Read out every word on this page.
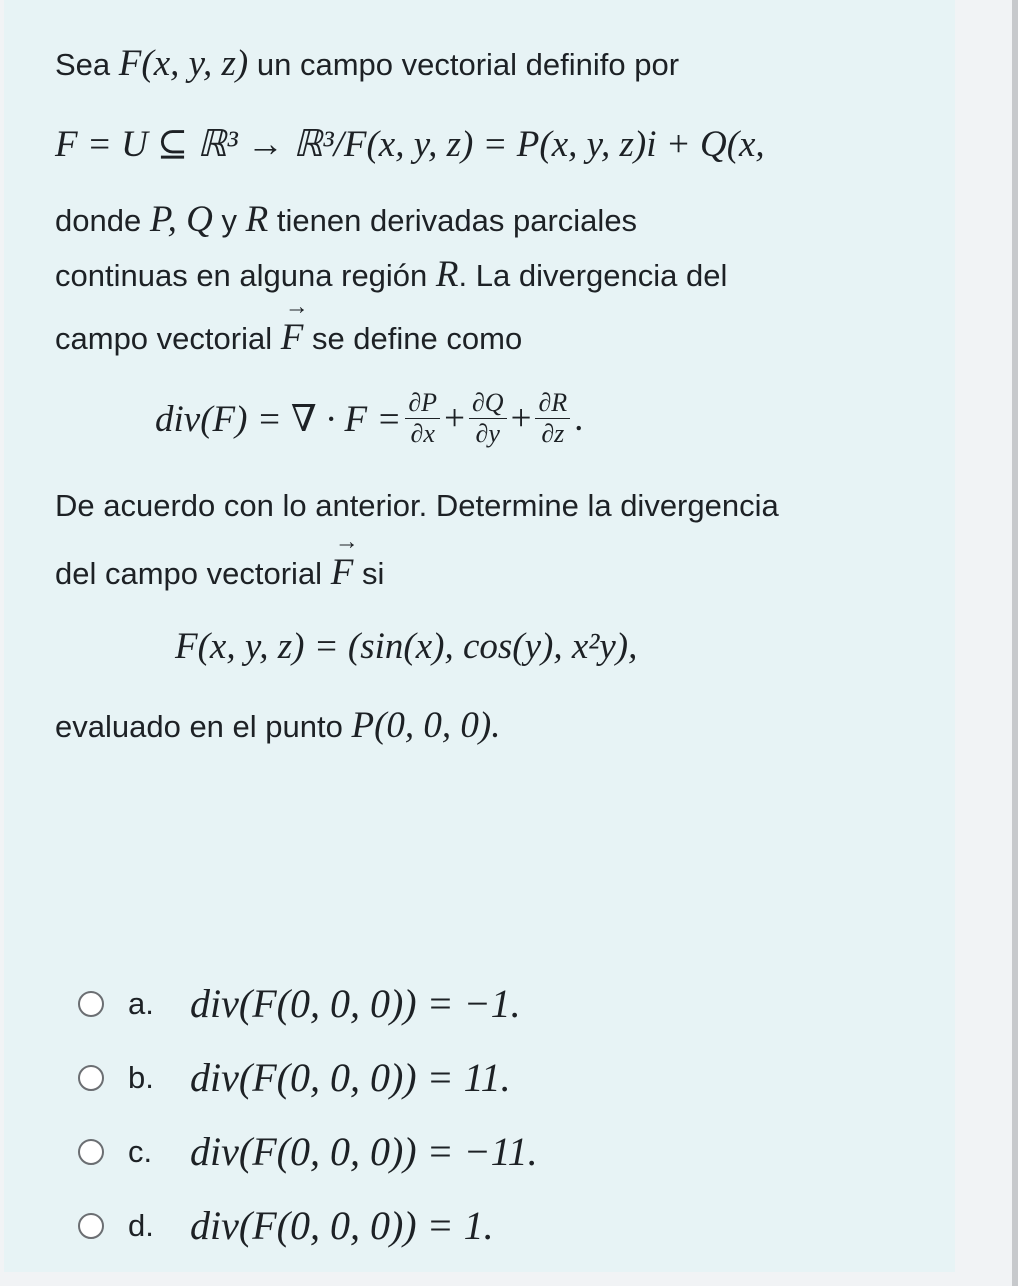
Sea F(x, y, z) un campo vectorial definifo por
F = U ⊆ ℝ³ → ℝ³/F(x, y, z) = P(x, y, z)i + Q(x,
donde P, Q y R tienen derivadas parciales
continuas en alguna región R. La divergencia del
campo vectorial → F se define como
div(F) = ∇ · $F = \frac{\partial P}{\partial x} + \frac{\partial Q}{\partial y} + \frac{\partial R}{\partial z}$ .
De acuerdo con lo anterior. Determine la divergencia
del campo vectorial → F si
F(x, y, z) = (sin(x), cos(y), x²y),
evaluado en el punto P(0, 0, 0).
a. div(F(0, 0, 0)) = −1.
b. div(F(0, 0, 0)) = 11.
c. div(F(0, 0, 0)) = −11.
d. div(F(0, 0, 0)) = 1.
